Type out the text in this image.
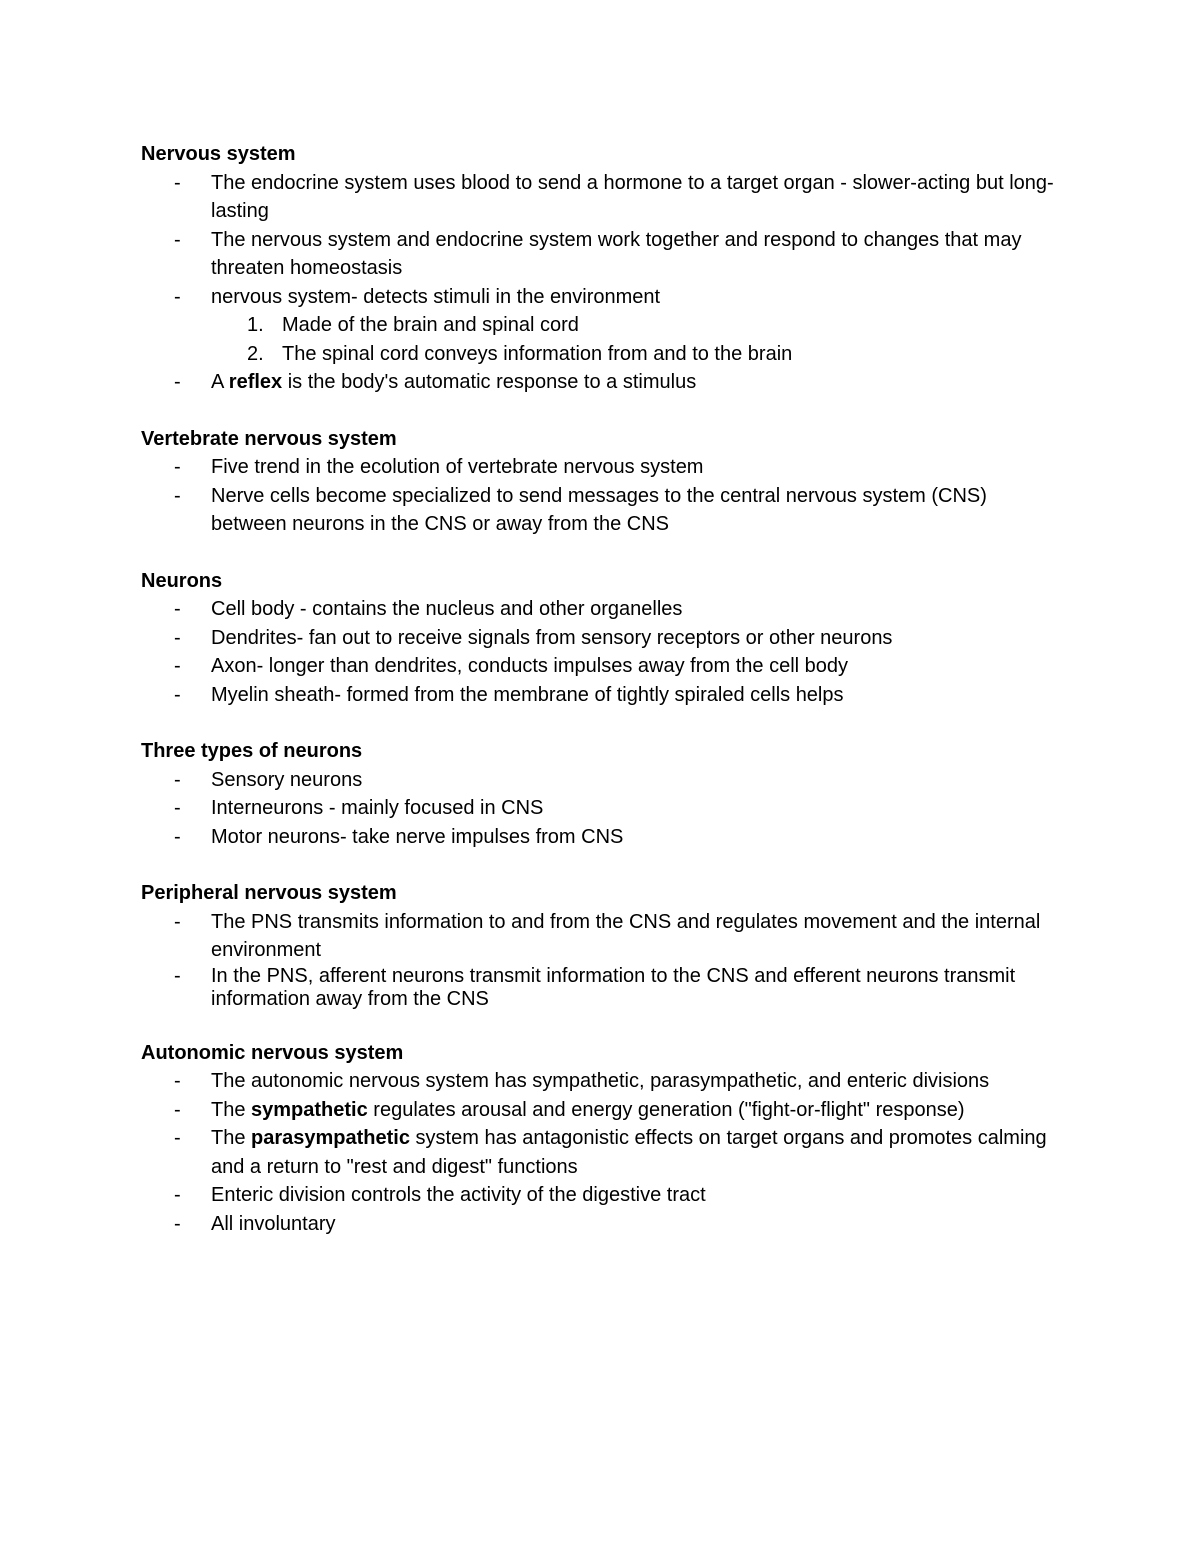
Nervous system

- The endocrine system uses blood to send a hormone to a target organ - slower-acting but long-lasting
- The nervous system and endocrine system work together and respond to changes that may threaten homeostasis
- nervous system- detects stimuli in the environment
1. Made of the brain and spinal cord
2. The spinal cord conveys information from and to the brain
- A reflex is the body's automatic response to a stimulus

Vertebrate nervous system

- Five trend in the ecolution of vertebrate nervous system
- Nerve cells become specialized to send messages to the central nervous system (CNS) between neurons in the CNS or away from the CNS

Neurons

- Cell body - contains the nucleus and other organelles
- Dendrites- fan out to receive signals from sensory receptors or other neurons
- Axon- longer than dendrites, conducts impulses away from the cell body
- Myelin sheath- formed from the membrane of tightly spiraled cells helps

Three types of neurons

- Sensory neurons
- Interneurons - mainly focused in CNS
- Motor neurons- take nerve impulses from CNS

Peripheral nervous system

- The PNS transmits information to and from the CNS and regulates movement and the internal environment
- In the PNS, afferent neurons transmit information to the CNS and efferent neurons transmit information away from the CNS

Autonomic nervous system

- The autonomic nervous system has sympathetic, parasympathetic, and enteric divisions
- The sympathetic regulates arousal and energy generation ("fight-or-flight" response)
- The parasympathetic system has antagonistic effects on target organs and promotes calming and a return to "rest and digest" functions
- Enteric division controls the activity of the digestive tract
- All involuntary
